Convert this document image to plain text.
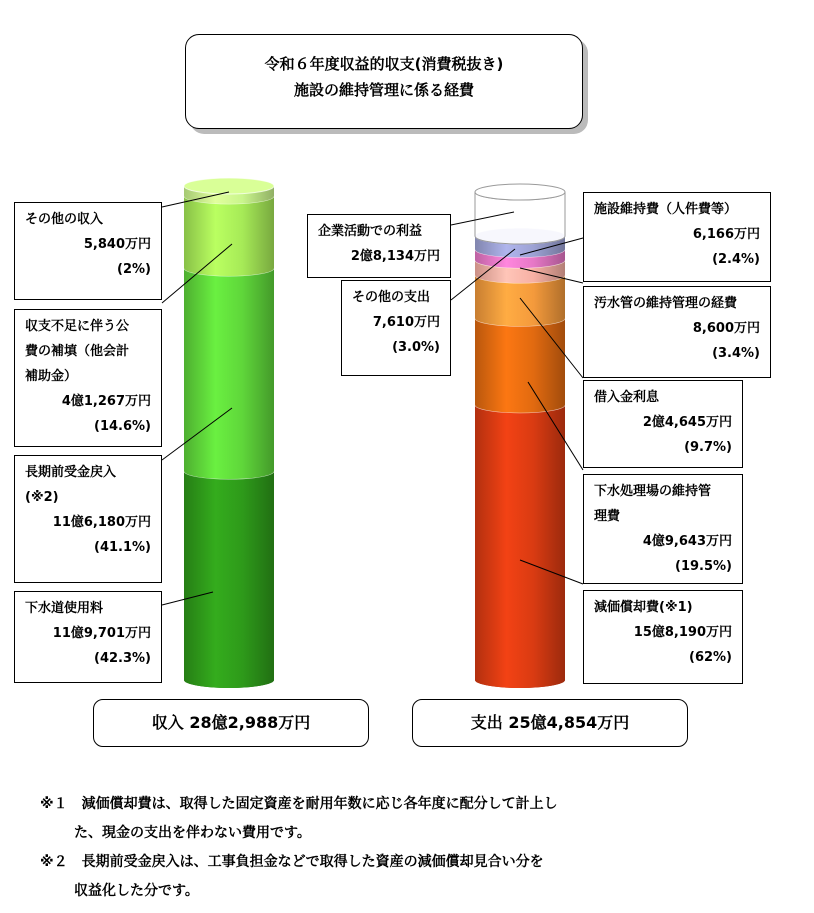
令和６年度収益的収支(消費税抜き)
施設の維持管理に係る経費
その他の収入
5,840万円
(2%)
収支不足に伴う公
費の補填（他会計
補助金）
4億1,267万円
(14.6%)
長期前受金戻入
(※2)
11億6,180万円
(41.1%)
下水道使用料
11億9,701万円
(42.3%)
企業活動での利益
2億8,134万円
その他の支出
7,610万円
(3.0%)
施設維持費（人件費等）
6,166万円
(2.4%)
汚水管の維持管理の経費
8,600万円
(3.4%)
借入金利息
2億4,645万円
(9.7%)
下水処理場の維持管
理費
4億9,643万円
(19.5%)
減価償却費(※1)
15億8,190万円
(62%)
収入 28億2,988万円	支出 25億4,854万円
※１　減価償却費は、取得した固定資産を耐用年数に応じ各年度に配分して計上し
た、現金の支出を伴わない費用です。
※２　長期前受金戻入は、工事負担金などで取得した資産の減価償却見合い分を
収益化した分です。
